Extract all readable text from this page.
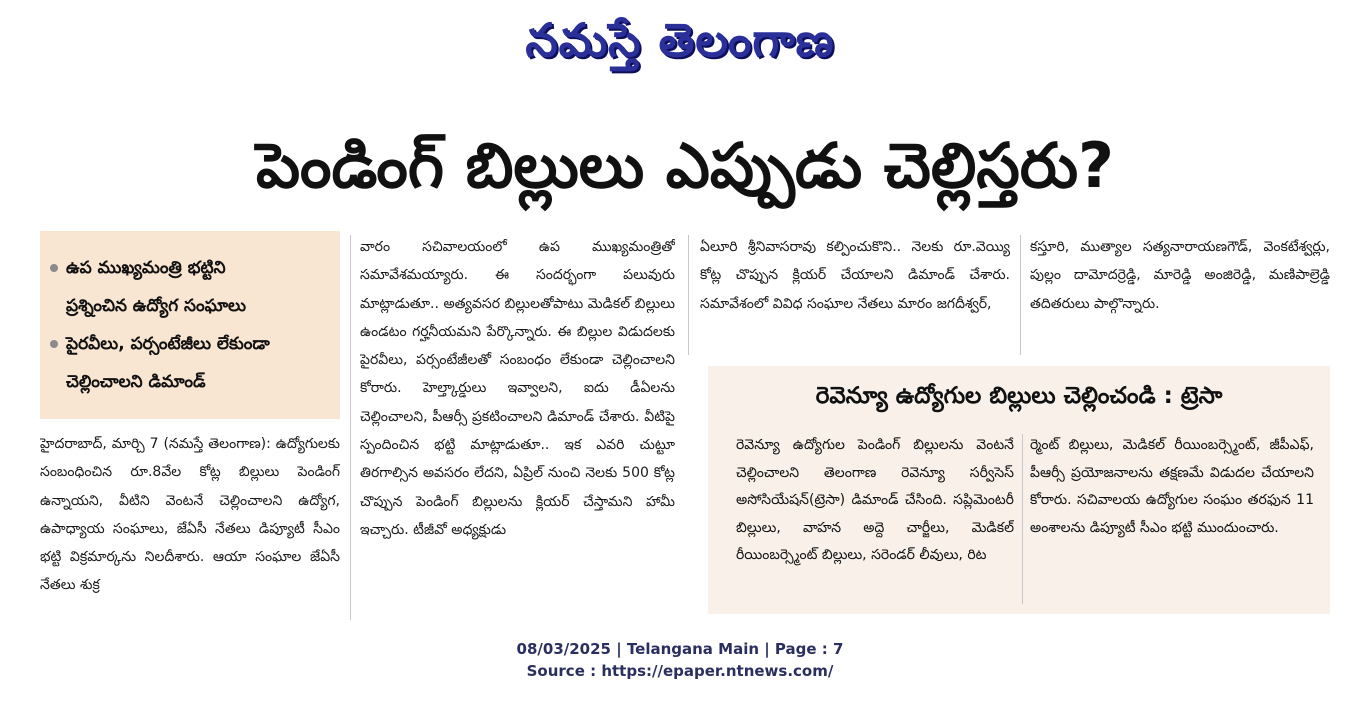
నమస్తే తెలంగాణ
పెండింగ్ బిల్లులు ఎప్పుడు చెల్లిస్తరు?
ఉప ముఖ్యమంత్రి భట్టిని
ప్రశ్నించిన ఉద్యోగ సంఘాలు
పైరవీలు, పర్సంటేజీలు లేకుండా
చెల్లించాలని డిమాండ్
హైదరాబాద్, మార్చి 7 (నమస్తే తెలంగాణ): ఉద్యోగులకు సంబంధించిన రూ.8వేల కోట్ల బిల్లులు పెండింగ్ ఉన్నాయని, వీటిని వెంటనే చెల్లించాలని ఉద్యోగ, ఉపాధ్యాయ సంఘాలు, జేఏసీ నేతలు డిప్యూటీ సీఎం భట్టి విక్రమార్కను నిలదీశారు. ఆయా సంఘాల జేఏసీ నేతలు శుక్ర
వారం సచివాలయంలో ఉప ముఖ్యమంత్రితో సమావేశమయ్యారు. ఈ సందర్భంగా పలువురు మాట్లాడుతూ.. అత్యవసర బిల్లులతోపాటు మెడికల్ బిల్లులు ఉండటం గర్హనీయమని పేర్కొన్నారు. ఈ బిల్లుల విడుదలకు పైరవీలు, పర్సంటేజీలతో సంబంధం లేకుండా చెల్లించాలని కోరారు. హెల్త్కార్డులు ఇవ్వాలని, ఐదు డీఏలను చెల్లించాలని, పీఆర్సీ ప్రకటించాలని డిమాండ్ చేశారు. వీటిపై స్పందించిన భట్టి మాట్లాడుతూ.. ఇక ఎవరి చుట్టూ తిరగాల్సిన అవసరం లేదని, ఏప్రిల్ నుంచి నెలకు 500 కోట్ల చొప్పున పెండింగ్ బిల్లులను క్లియర్ చేస్తామని హామీ ఇచ్చారు. టీజీవో అధ్యక్షుడు
ఏలూరి శ్రీనివాసరావు కల్పించుకొని.. నెలకు రూ.వెయ్యి కోట్ల చొప్పున క్లియర్ చేయాలని డిమాండ్ చేశారు. సమావేశంలో వివిధ సంఘాల నేతలు మారం జగదీశ్వర్,
కస్తూరి, ముత్యాల సత్యనారాయణగౌడ్, వెంకటేశ్వర్లు, పుల్లం దామోదర్రెడ్డి, మారెడ్డి అంజిరెడ్డి, మణిపాల్రెడ్డి తదితరులు పాల్గొన్నారు.
రెవెన్యూ ఉద్యోగుల బిల్లులు చెల్లించండి : ట్రెసా
రెవెన్యూ ఉద్యోగుల పెండింగ్ బిల్లులను వెంటనే చెల్లించాలని తెలంగాణ రెవెన్యూ సర్వీసెస్ అసోసియేషన్(ట్రెసా) డిమాండ్ చేసింది. సప్లిమెంటరీ బిల్లులు, వాహన అద్దె చార్జీలు, మెడికల్ రీయింబర్స్మెంట్ బిల్లులు, సరెండర్ లీవులు, రిట
ర్మెంట్ బిల్లులు, మెడికల్ రీయింబర్స్మెంట్, జీపీఎఫ్, పీఆర్సీ ప్రయోజనాలను తక్షణమే విడుదల చేయాలని కోరారు. సచివాలయ ఉద్యోగుల సంఘం తరఫున 11 అంశాలను డిప్యూటీ సీఎం భట్టి ముందుంచారు.
08/03/2025 | Telangana Main | Page : 7
Source : https://epaper.ntnews.com/
